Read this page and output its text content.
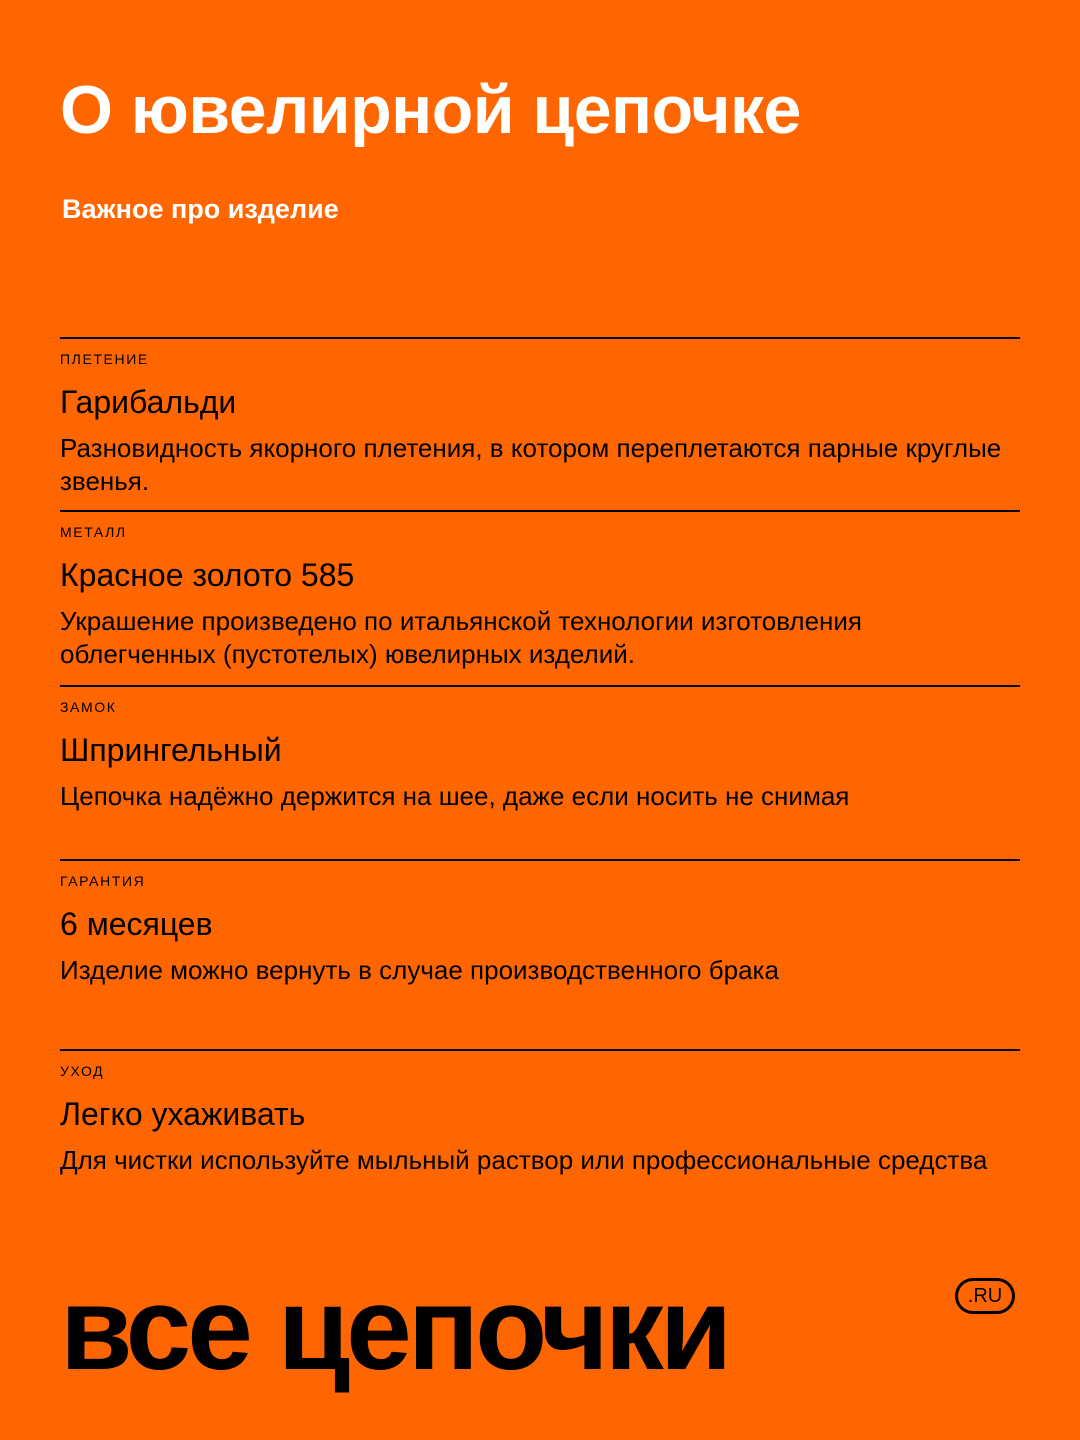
О ювелирной цепочке

Важное про изделие

ПЛЕТЕНИЕ
Гарибальди
Разновидность якорного плетения, в котором переплетаются парные круглые звенья.
МЕТАЛЛ
Красное золото 585
Украшение произведено по итальянской технологии изготовления облегченных (пустотелых) ювелирных изделий.
ЗАМОК
Шпрингельный
Цепочка надёжно держится на шее, даже если носить не снимая
ГАРАНТИЯ
6 месяцев
Изделие можно вернуть в случае производственного брака
УХОД
Легко ухаживать
Для чистки используйте мыльный раствор или профессиональные средства
все цепочки	.RU
